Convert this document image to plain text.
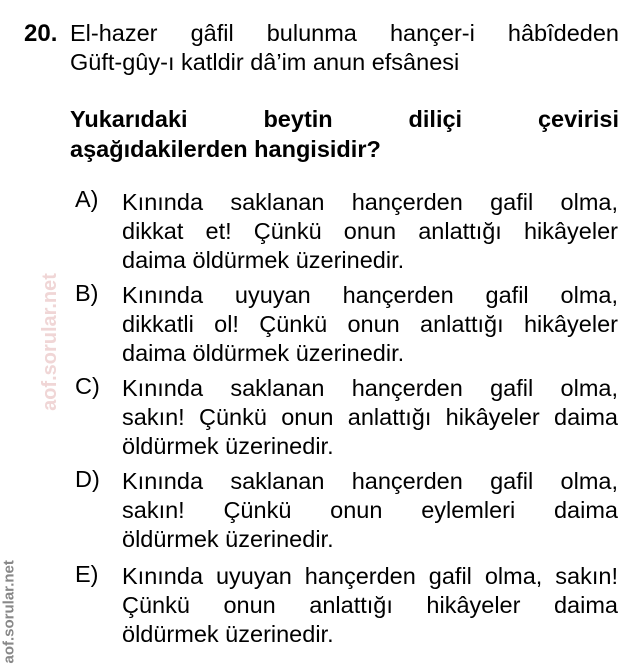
aof.sorular.net
aof.sorular.net
20. El-hazer gâfil bulunma hançer-i hâbîdeden
Güft-gûy-ı katldir dâ’im anun efsânesi
Yukarıdaki beytin diliçi çevirisi
aşağıdakilerden hangisidir?
A) Kınında saklanan hançerden gafil olma,
dikkat et! Çünkü onun anlattığı hikâyeler
daima öldürmek üzerinedir.
B) Kınında uyuyan hançerden gafil olma,
dikkatli ol! Çünkü onun anlattığı hikâyeler
daima öldürmek üzerinedir.
C) Kınında saklanan hançerden gafil olma,
sakın! Çünkü onun anlattığı hikâyeler daima
öldürmek üzerinedir.
D) Kınında saklanan hançerden gafil olma,
sakın! Çünkü onun eylemleri daima
öldürmek üzerinedir.
E) Kınında uyuyan hançerden gafil olma, sakın!
Çünkü onun anlattığı hikâyeler daima
öldürmek üzerinedir.
